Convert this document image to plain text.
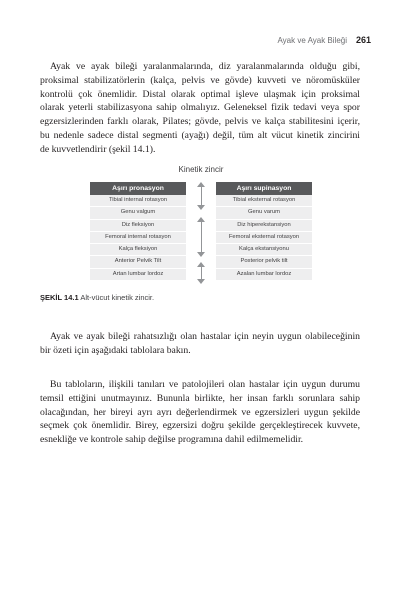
Ayak ve Ayak Bileği 261

Ayak ve ayak bileği yaralanmalarında, diz yaralanmalarında olduğu gibi,
proksimal stabilizatörlerin (kalça, pelvis ve gövde) kuvveti ve nöromüsküler
kontrolü çok önemlidir. Distal olarak optimal işleve ulaşmak için proksimal
olarak yeterli stabilizasyona sahip olmalıyız. Geleneksel fizik tedavi veya spor
egzersizlerinden farklı olarak, Pilates; gövde, pelvis ve kalça stabilitesini içerir,
bu nedenle sadece distal segmenti (ayağı) değil, tüm alt vücut kinetik zincirini
de kuvvetlendirir (şekil 14.1).

Kinetik zincir
Aşırı pronasyon
Tibial internal rotasyon
Genu valgum
Diz fleksiyon
Femoral internal rotasyon
Kalça fleksiyon
Anterior Pelvik Tilt
Artan lumbar lordoz
Aşırı supinasyon
Tibial eksternal rotasyon
Genu varum
Diz hiperekstansiyon
Femoral eksternal rotasyon
Kalça ekstansiyonu
Posterior pelvik tilt
Azalan lumbar lordoz
ŞEKİL 14.1 Alt-vücut kinetik zincir.

Ayak ve ayak bileği rahatsızlığı olan hastalar için neyin uygun olabileceğinin
bir özeti için aşağıdaki tablolara bakın.

Bu tabloların, ilişkili tanıları ve patolojileri olan hastalar için uygun durumu
temsil ettiğini unutmayınız. Bununla birlikte, her insan farklı sorunlara sahip
olacağından, her bireyi ayrı ayrı değerlendirmek ve egzersizleri uygun şekilde
seçmek çok önemlidir. Birey, egzersizi doğru şekilde gerçekleştirecek kuvvete,
esnekliğe ve kontrole sahip değilse programına dahil edilmemelidir.
